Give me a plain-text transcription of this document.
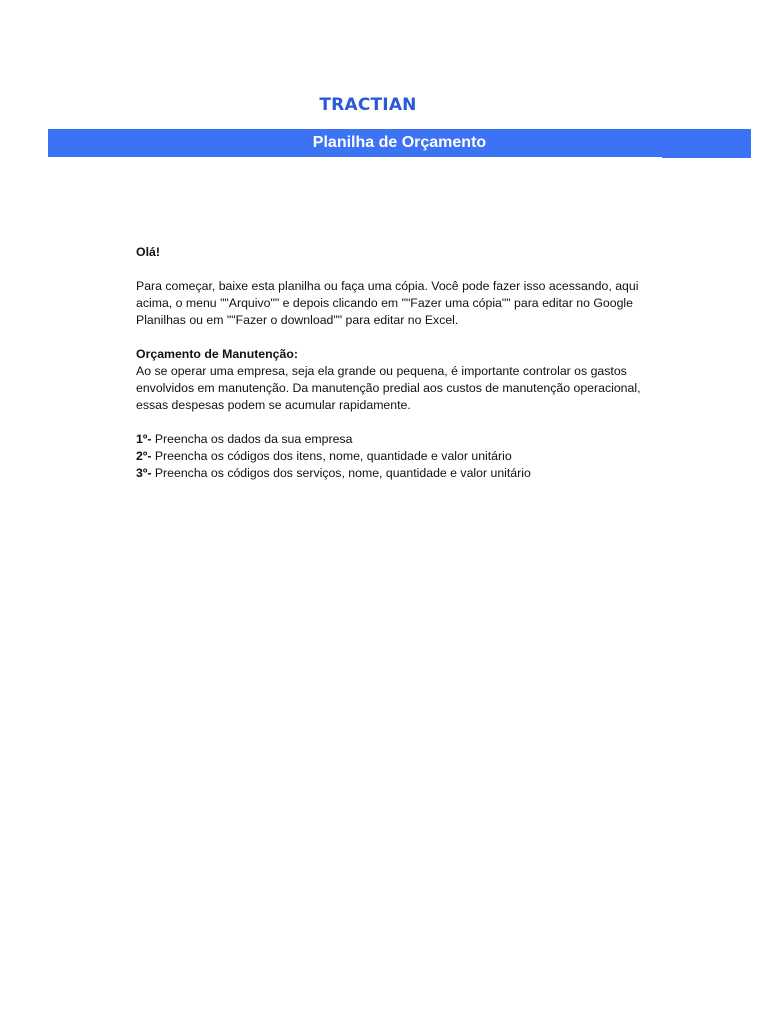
TRACTIAN
Planilha de Orçamento

Olá!

Para começar, baixe esta planilha ou faça uma cópia. Você pode fazer isso acessando, aqui acima, o menu ""Arquivo"" e depois clicando em ""Fazer uma cópia"" para editar no Google Planilhas ou em ""Fazer o download"" para editar no Excel.

Orçamento de Manutenção:
Ao se operar uma empresa, seja ela grande ou pequena, é importante controlar os gastos envolvidos em manutenção. Da manutenção predial aos custos de manutenção operacional, essas despesas podem se acumular rapidamente.

1º- Preencha os dados da sua empresa
2º- Preencha os códigos dos itens, nome, quantidade e valor unitário
3º- Preencha os códigos dos serviços, nome, quantidade e valor unitário
